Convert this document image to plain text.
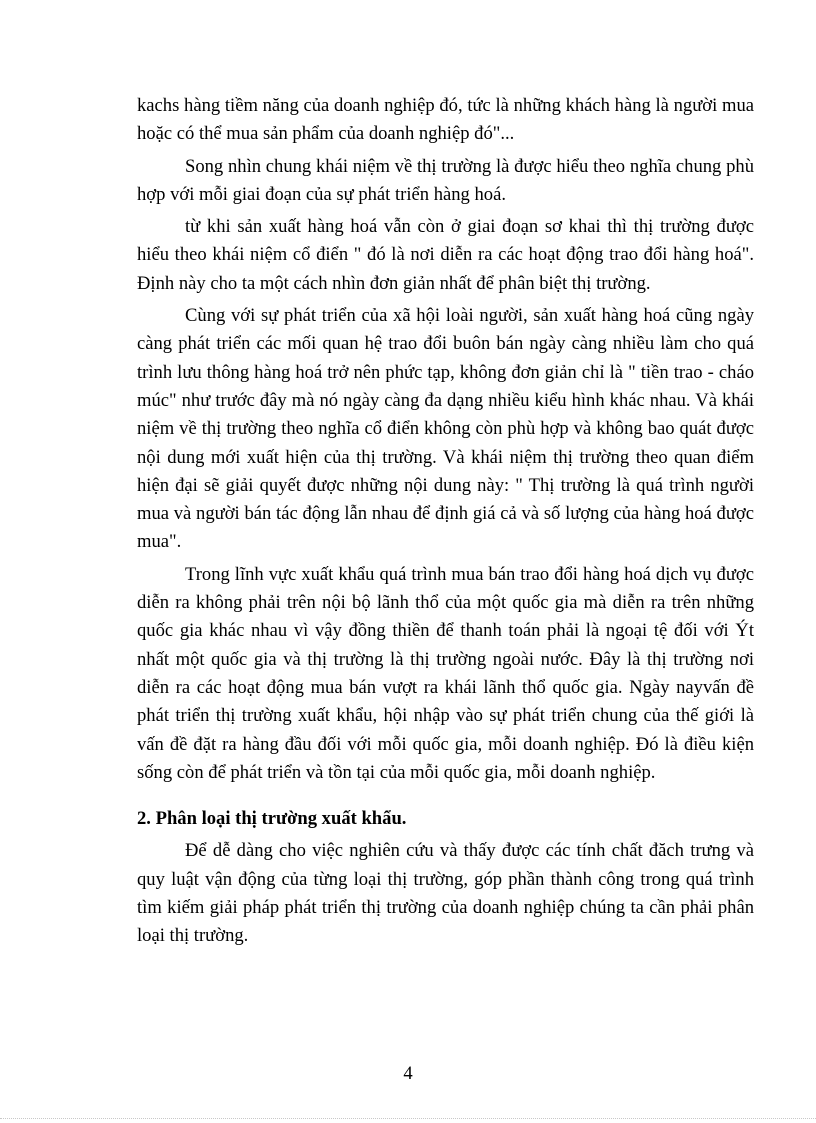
kachs hàng tiềm năng của doanh nghiệp đó, tức là những khách hàng là người mua hoặc có thể mua sản phẩm của doanh nghiệp đó"...

Song nhìn chung khái niệm về thị trường là được hiểu theo nghĩa chung phù hợp với mỗi giai đoạn của sự phát triển hàng hoá.

từ khi sản xuất hàng hoá vẫn còn ở giai đoạn sơ khai thì thị trường được hiểu theo khái niệm cổ điển " đó là nơi diễn ra các hoạt động trao đổi hàng hoá". Định này cho ta một cách nhìn đơn giản nhất để phân biệt thị trường.

Cùng với sự phát triển của xã hội loài người, sản xuất hàng hoá cũng ngày càng phát triển các mối quan hệ trao đổi buôn bán ngày càng nhiều làm cho quá trình lưu thông hàng hoá trở nên phức tạp, không đơn giản chỉ là " tiền trao - cháo múc" như trước đây mà nó ngày càng đa dạng nhiều kiểu hình khác nhau. Và khái niệm về thị trường theo nghĩa cổ điển không còn phù hợp và không bao quát được nội dung mới xuất hiện của thị trường. Và khái niệm thị trường theo quan điểm hiện đại sẽ giải quyết được những nội dung này: " Thị trường là quá trình người mua và người bán tác động lẫn nhau để định giá cả và số lượng của hàng hoá được mua".

Trong lĩnh vực xuất khẩu quá trình mua bán trao đổi hàng hoá dịch vụ được diễn ra không phải trên nội bộ lãnh thổ của một quốc gia mà diễn ra trên những quốc gia khác nhau vì vậy đồng thiền để thanh toán phải là ngoại tệ đối với Ýt nhất một quốc gia và thị trường là thị trường ngoài nước. Đây là thị trường nơi diễn ra các hoạt động mua bán vượt ra khái lãnh thổ quốc gia. Ngày nayvấn đề phát triển thị trường xuất khẩu, hội nhập vào sự phát triển chung của thế giới là vấn đề đặt ra hàng đầu đối với mỗi quốc gia, mỗi doanh nghiệp. Đó là điều kiện sống còn để phát triển và tồn tại của mỗi quốc gia, mỗi doanh nghiệp.

2. Phân loại thị trường xuất khẩu.

Để dễ dàng cho việc nghiên cứu và thấy được các tính chất đăch trưng và quy luật vận động của từng loại thị trường, góp phần thành công trong quá trình tìm kiếm giải pháp phát triển thị trường của doanh nghiệp chúng ta cần phải phân loại thị trường.

4
